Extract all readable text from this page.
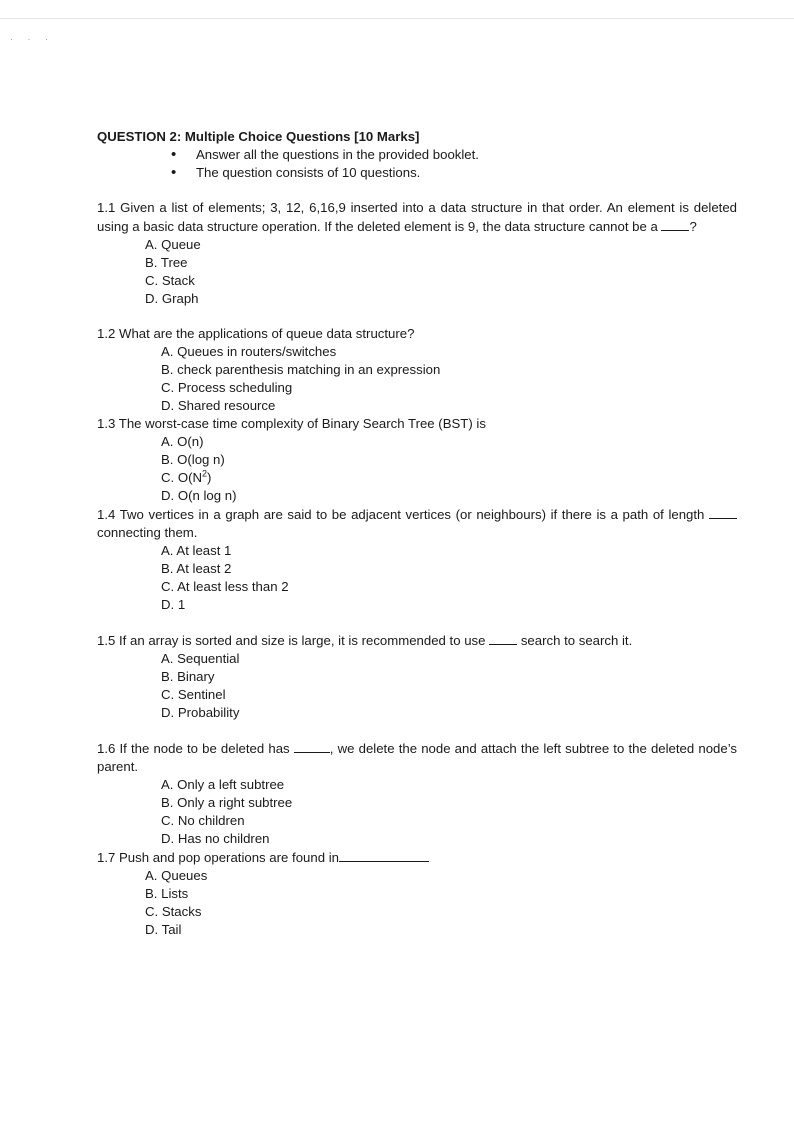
· · ·

QUESTION 2: Multiple Choice Questions [10 Marks]

• Answer all the questions in the provided booklet.
• The question consists of 10 questions.

1.1 Given a list of elements; 3, 12, 6,16,9 inserted into a data structure in that order. An element is deleted using a basic data structure operation. If the deleted element is 9, the data structure cannot be a ?

A. Queue
B. Tree
C. Stack
D. Graph

1.2 What are the applications of queue data structure?

A. Queues in routers/switches
B. check parenthesis matching in an expression
C. Process scheduling
D. Shared resource

1.3 The worst-case time complexity of Binary Search Tree (BST) is

A. O(n)
B. O(log n)
C. $O(N^2)$
D. O(n log n)

1.4 Two vertices in a graph are said to be adjacent vertices (or neighbours) if there is a path of length  connecting them.

A. At least 1
B. At least 2
C. At least less than 2
D. 1

1.5 If an array is sorted and size is large, it is recommended to use  search to search it.

A. Sequential
B. Binary
C. Sentinel
D. Probability

1.6 If the node to be deleted has	, we delete the node and attach the left subtree to the deleted node’s parent.

A. Only a left subtree
B. Only a right subtree
C. No children
D. Has no children

1.7 Push and pop operations are found in

A. Queues
B. Lists
C. Stacks
D. Tail
